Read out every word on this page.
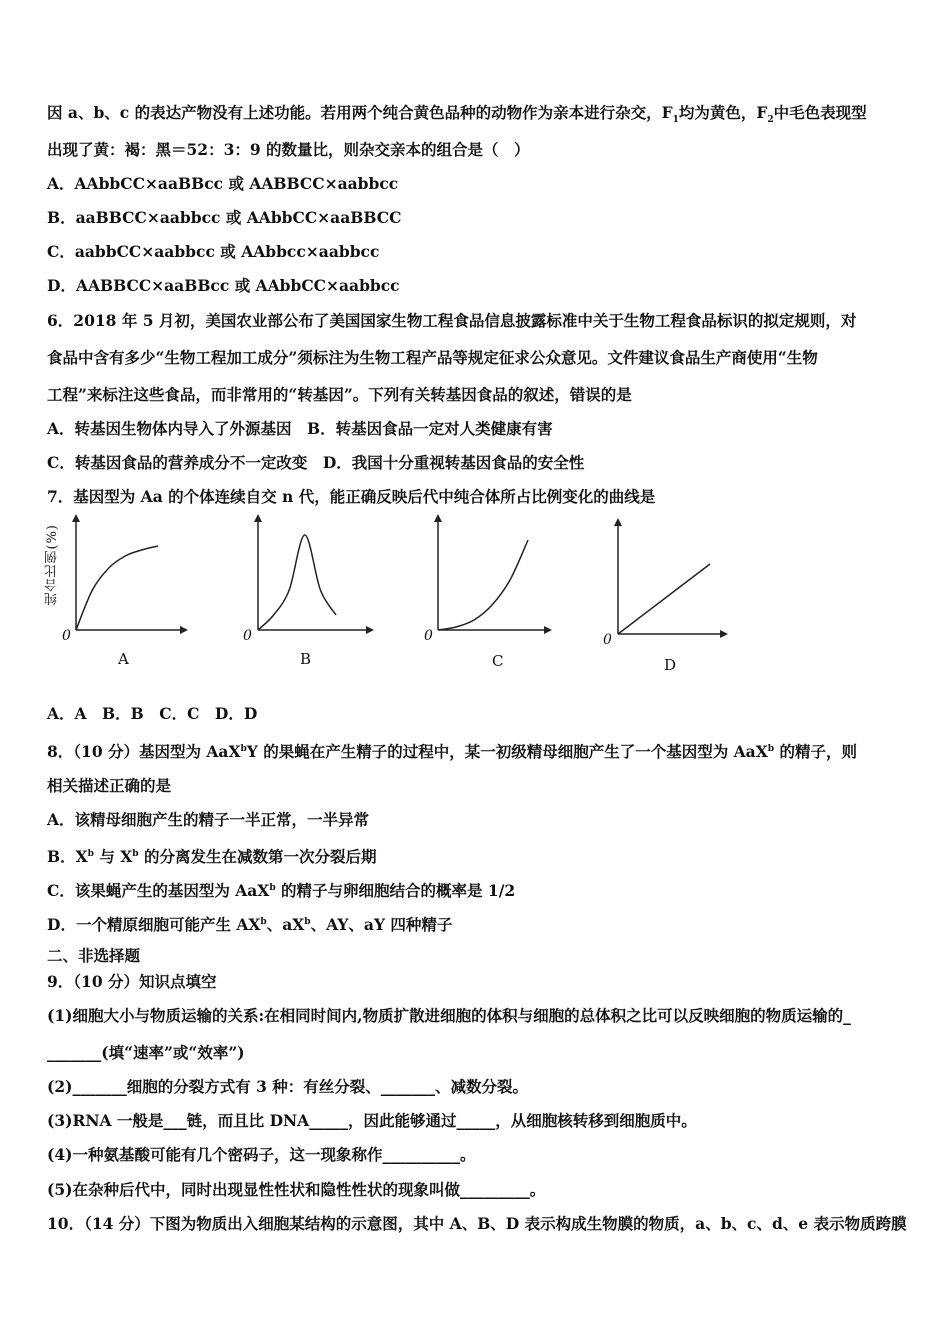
因 a、b、c 的表达产物没有上述功能。若用两个纯合黄色品种的动物作为亲本进行杂交，$F_1$均为黄色，$F_2$中毛色表现型
出现了黄：褐：黑＝52：3：9 的数量比，则杂交亲本的组合是（　）
A．AAbbCC×aaBBcc 或 AABBCC×aabbcc
B．aaBBCC×aabbcc 或 AAbbCC×aaBBCC
C．aabbCC×aabbcc 或 AAbbcc×aabbcc
D．AABBCC×aaBBcc 或 AAbbCC×aabbcc
6．2018 年 5 月初，美国农业部公布了美国国家生物工程食品信息披露标准中关于生物工程食品标识的拟定规则，对
食品中含有多少“生物工程加工成分”须标注为生物工程产品等规定征求公众意见。文件建议食品生产商使用“生物
工程”来标注这些食品，而非常用的“转基因”。下列有关转基因食品的叙述，错误的是
A．转基因生物体内导入了外源基因　B．转基因食品一定对人类健康有害
C．转基因食品的营养成分不一定改变　D．我国十分重视转基因食品的安全性
7．基因型为 Aa 的个体连续自交 n 代，能正确反映后代中纯合体所占比例变化的曲线是
纯合比例(%)
0
A
0
B
0
C
0
D
A．A　B．B　C．C　D．D
8．（10 分）基因型为 AaX$^b$Y 的果蝇在产生精子的过程中，某一初级精母细胞产生了一个基因型为 AaX$^b$ 的精子，则
相关描述正确的是
A．该精母细胞产生的精子一半正常，一半异常
B．$X^b$ 与 $X^b$ 的分离发生在减数第一次分裂后期
C．该果蝇产生的基因型为 AaX$^b$ 的精子与卵细胞结合的概率是 1/2
D．一个精原细胞可能产生 $AX^b$、$aX^b$、AY、aY 四种精子
二、非选择题
9．（10 分）知识点填空
(1)细胞大小与物质运输的关系:在相同时间内,物质扩散进细胞的体积与细胞的总体积之比可以反映细胞的物质运输的_
_______(填“速率”或“效率”)
(2)_______细胞的分裂方式有 3 种：有丝分裂、_______、减数分裂。
(3)RNA 一般是___链，而且比 DNA_____，因此能够通过_____，从细胞核转移到细胞质中。
(4)一种氨基酸可能有几个密码子，这一现象称作__________。
(5)在杂种后代中，同时出现显性性状和隐性性状的现象叫做_________。
10．（14 分）下图为物质出入细胞某结构的示意图，其中 A、B、D 表示构成生物膜的物质，a、b、c、d、e 表示物质跨膜
